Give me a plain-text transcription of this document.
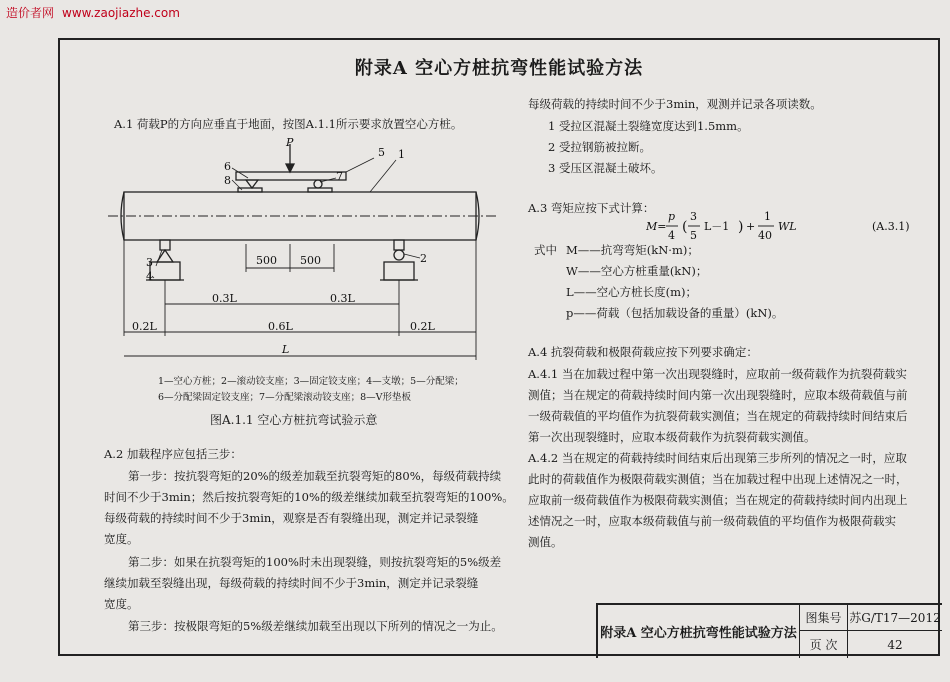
造价者网 www.zaojiazhe.com
附录A 空心方桩抗弯性能试验方法
A.1 荷载P的方向应垂直于地面，按图A.1.1所示要求放置空心方桩。
P
5 1
6
8	7
3
4
2
500 500
0.3L	0.3L
0.2L	0.6L	0.2L
L
1—空心方桩；2—滚动铰支座；3—固定铰支座；4—支墩；5—分配梁；
6—分配梁固定铰支座；7—分配梁滚动铰支座；8—V形垫板
图A.1.1 空心方桩抗弯试验示意
A.2 加载程序应包括三步：
第一步：按抗裂弯矩的20%的级差加载至抗裂弯矩的80%，每级荷载持续
时间不少于3min；然后按抗裂弯矩的10%的级差继续加载至抗裂弯矩的100%。
每级荷载的持续时间不少于3min，观察是否有裂缝出现，测定并记录裂缝
宽度。
第二步：如果在抗裂弯矩的100%时未出现裂缝，则按抗裂弯矩的5%级差
继续加载至裂缝出现，每级荷载的持续时间不少于3min，测定并记录裂缝
宽度。
第三步：按极限弯矩的5%级差继续加载至出现以下所列的情况之一为止。
每级荷载的持续时间不少于3min，观测并记录各项读数。
1 受拉区混凝土裂缝宽度达到1.5mm。
2 受拉钢筋被拉断。
3 受压区混凝土破坏。
A.3 弯矩应按下式计算：
M=
p
4
(
3
5
L－1 ) +
1
40
WL	(A.3.1)
式中 M——抗弯弯矩(kN·m)；
W——空心方桩重量(kN)；
L——空心方桩长度(m)；
p——荷载（包括加载设备的重量）(kN)。
A.4 抗裂荷载和极限荷载应按下列要求确定：
A.4.1 当在加载过程中第一次出现裂缝时，应取前一级荷载作为抗裂荷载实
测值；当在规定的荷载持续时间内第一次出现裂缝时，应取本级荷载值与前
一级荷载值的平均值作为抗裂荷载实测值；当在规定的荷载持续时间结束后
第一次出现裂缝时，应取本级荷载作为抗裂荷载实测值。
A.4.2 当在规定的荷载持续时间结束后出现第三步所列的情况之一时，应取
此时的荷载值作为极限荷载实测值；当在加载过程中出现上述情况之一时，
应取前一级荷载值作为极限荷载实测值；当在规定的荷载持续时间内出现上
述情况之一时，应取本级荷载值与前一级荷载值的平均值作为极限荷载实
测值。
附录A 空心方桩抗弯性能试验方法
图集号 苏G/T17—2012
页 次	42
